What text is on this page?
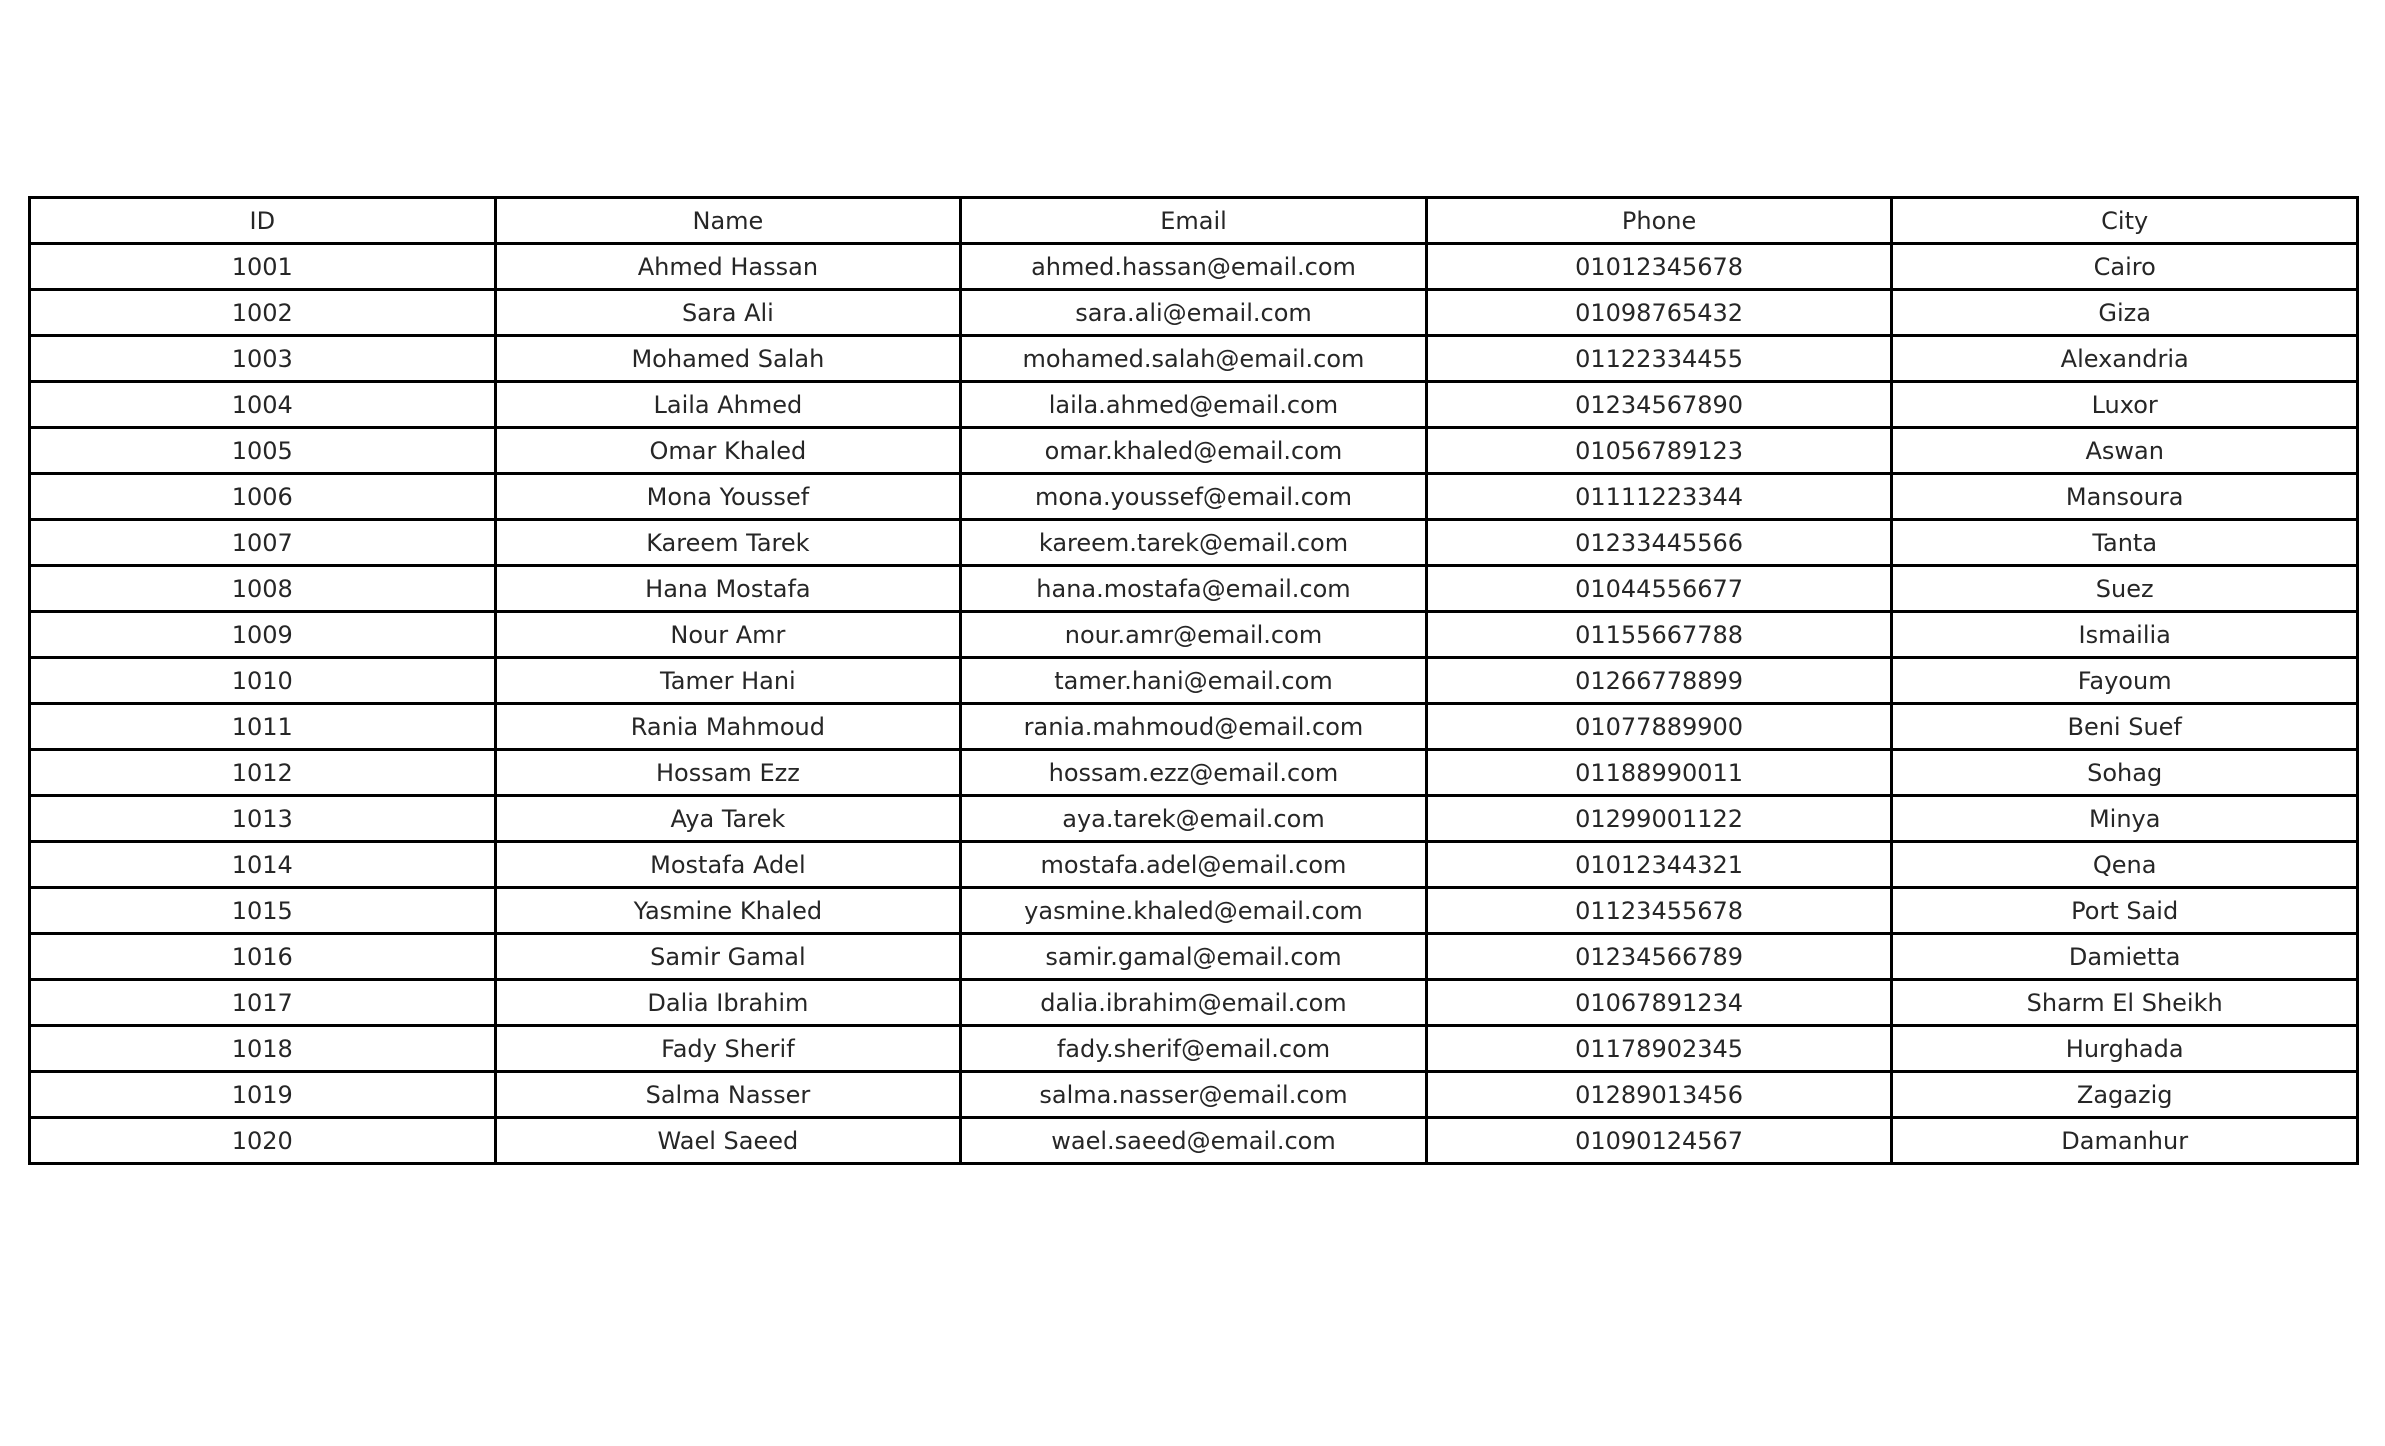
ID	Name	Email	Phone	City
1001	Ahmed Hassan	ahmed.hassan@email.com	01012345678	Cairo
1002	Sara Ali	sara.ali@email.com	01098765432	Giza
1003	Mohamed Salah	mohamed.salah@email.com	01122334455	Alexandria
1004	Laila Ahmed	laila.ahmed@email.com	01234567890	Luxor
1005	Omar Khaled	omar.khaled@email.com	01056789123	Aswan
1006	Mona Youssef	mona.youssef@email.com	01111223344	Mansoura
1007	Kareem Tarek	kareem.tarek@email.com	01233445566	Tanta
1008	Hana Mostafa	hana.mostafa@email.com	01044556677	Suez
1009	Nour Amr	nour.amr@email.com	01155667788	Ismailia
1010	Tamer Hani	tamer.hani@email.com	01266778899	Fayoum
1011	Rania Mahmoud	rania.mahmoud@email.com	01077889900	Beni Suef
1012	Hossam Ezz	hossam.ezz@email.com	01188990011	Sohag
1013	Aya Tarek	aya.tarek@email.com	01299001122	Minya
1014	Mostafa Adel	mostafa.adel@email.com	01012344321	Qena
1015	Yasmine Khaled	yasmine.khaled@email.com	01123455678	Port Said
1016	Samir Gamal	samir.gamal@email.com	01234566789	Damietta
1017	Dalia Ibrahim	dalia.ibrahim@email.com	01067891234	Sharm El Sheikh
1018	Fady Sherif	fady.sherif@email.com	01178902345	Hurghada
1019	Salma Nasser	salma.nasser@email.com	01289013456	Zagazig
1020	Wael Saeed	wael.saeed@email.com	01090124567	Damanhur
